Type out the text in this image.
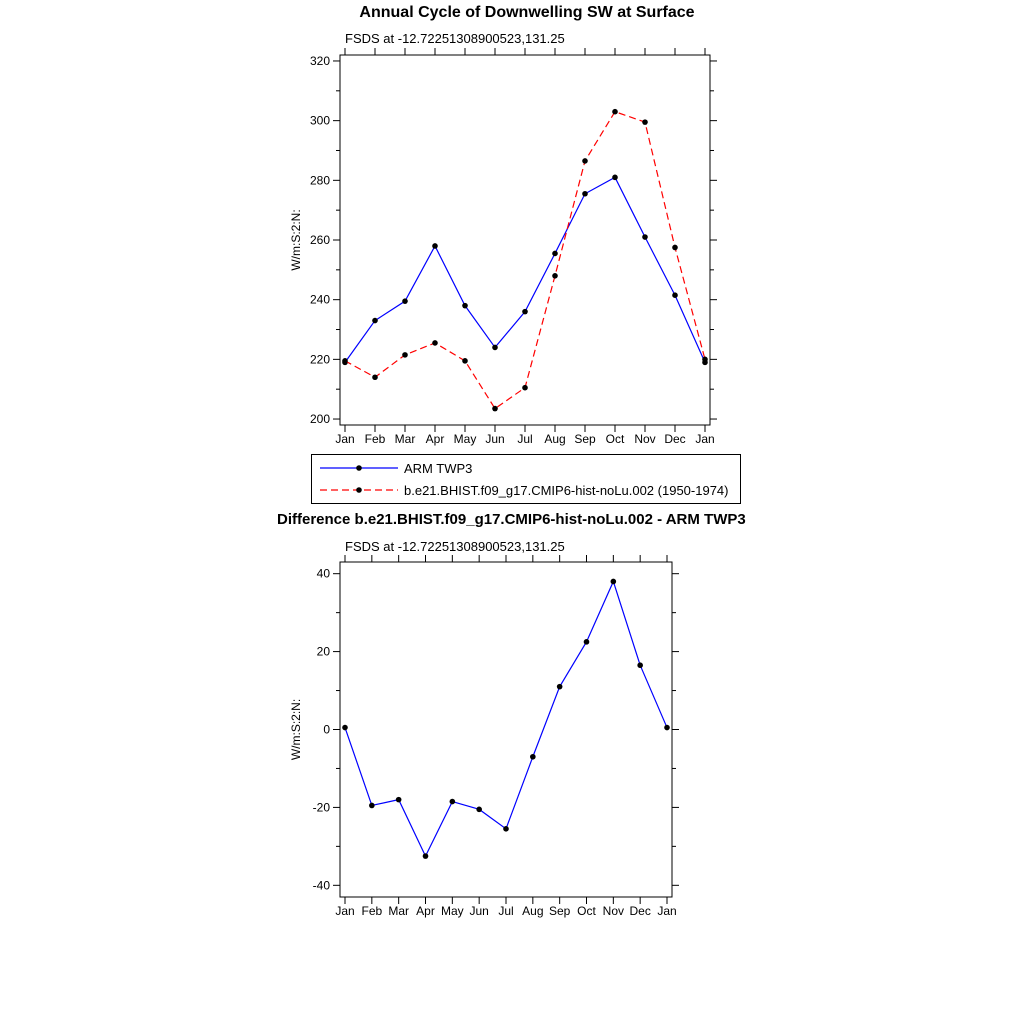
Annual Cycle of Downwelling SW at Surface
FSDS at -12.72251308900523,131.25
200
220
240
260
280
300
320
Jan Feb Mar Apr May Jun Jul Aug Sep Oct Nov Dec Jan
W/m:S:2:N:
ARM TWP3
b.e21.BHIST.f09_g17.CMIP6-hist-noLu.002 (1950-1974)
Difference b.e21.BHIST.f09_g17.CMIP6-hist-noLu.002 - ARM TWP3
FSDS at -12.72251308900523,131.25
-40
-20
0
20
40
Jan Feb Mar Apr May Jun Jul Aug Sep Oct Nov Dec Jan
W/m:S:2:N:
